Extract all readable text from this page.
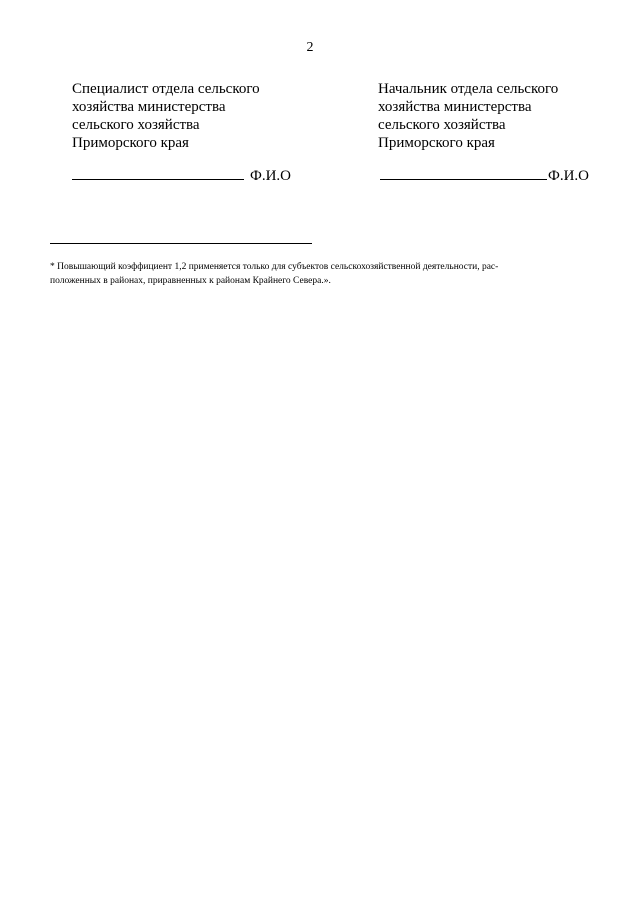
2
Специалист отдела сельского
хозяйства министерства
сельского хозяйства
Приморского края
Начальник отдела сельского
хозяйства министерства
сельского хозяйства
Приморского края
Ф.И.О	Ф.И.О
* Повышающий коэффициент 1,2 применяется только для субъектов сельскохозяйственной деятельности, рас-
положенных в районах, приравненных к районам Крайнего Севера.».
